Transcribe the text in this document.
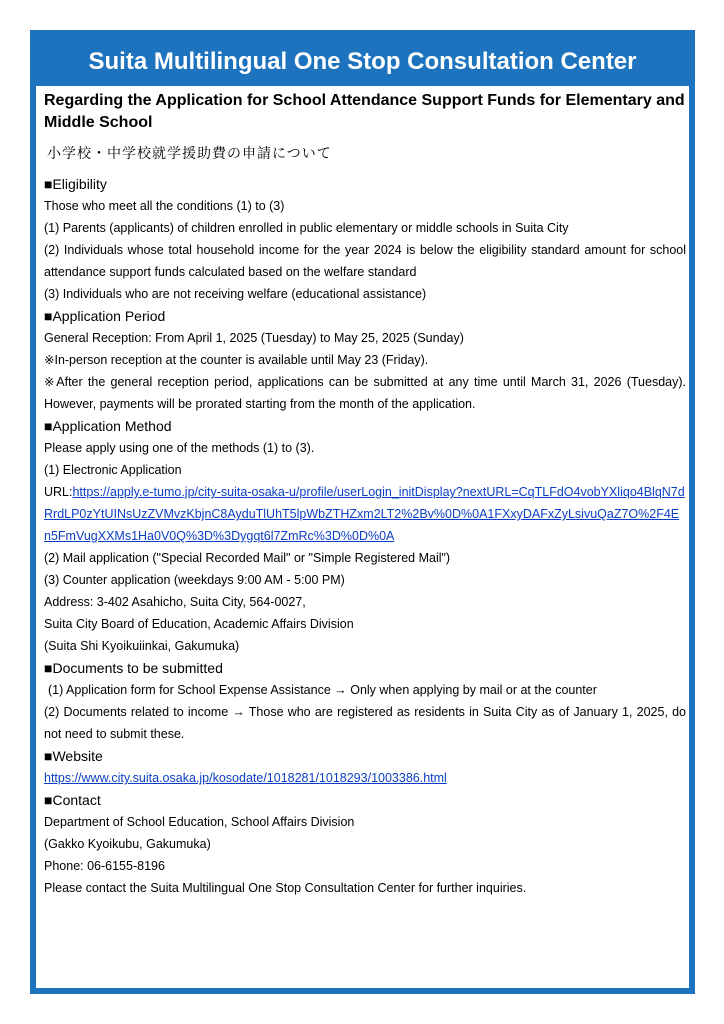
Suita Multilingual One Stop Consultation Center

Regarding the Application for School Attendance Support Funds for Elementary and Middle School

小学校・中学校就学援助費の申請について
■Eligibility
Those who meet all the conditions (1) to (3)
(1) Parents (applicants) of children enrolled in public elementary or middle schools in Suita City
(2) Individuals whose total household income for the year 2024 is below the eligibility standard amount for school attendance support funds calculated based on the welfare standard
(3) Individuals who are not receiving welfare (educational assistance)
■Application Period
General Reception: From April 1, 2025 (Tuesday) to May 25, 2025 (Sunday)
※In-person reception at the counter is available until May 23 (Friday).
※After the general reception period, applications can be submitted at any time until March 31, 2026 (Tuesday). However, payments will be prorated starting from the month of the application.
■Application Method
Please apply using one of the methods (1) to (3).
(1) Electronic Application
URL:https://apply.e-tumo.jp/city-suita-osaka-u/profile/userLogin_initDisplay?nextURL=CqTLFdO4vobYXliqo4BlqN7dRrdLP0zYtUINsUzZVMvzKbjnC8AyduTlUhT5lpWbZTHZxm2LT2%2Bv%0D%0A1FXxyDAFxZyLsivuQaZ7O%2F4En5FmVugXXMs1Ha0V0Q%3D%3Dygqt6l7ZmRc%3D%0D%0A
(2) Mail application ("Special Recorded Mail" or "Simple Registered Mail")
(3) Counter application (weekdays 9:00 AM - 5:00 PM)
Address: 3-402 Asahicho, Suita City, 564-0027,
Suita City Board of Education, Academic Affairs Division
(Suita Shi Kyoikuiinkai, Gakumuka)
■Documents to be submitted
(1) Application form for School Expense Assistance → Only when applying by mail or at the counter
(2) Documents related to income → Those who are registered as residents in Suita City as of January 1, 2025, do not need to submit these.
■Website
https://www.city.suita.osaka.jp/kosodate/1018281/1018293/1003386.html
■Contact
Department of School Education, School Affairs Division
(Gakko Kyoikubu, Gakumuka)
Phone: 06-6155-8196
Please contact the Suita Multilingual One Stop Consultation Center for further inquiries.
